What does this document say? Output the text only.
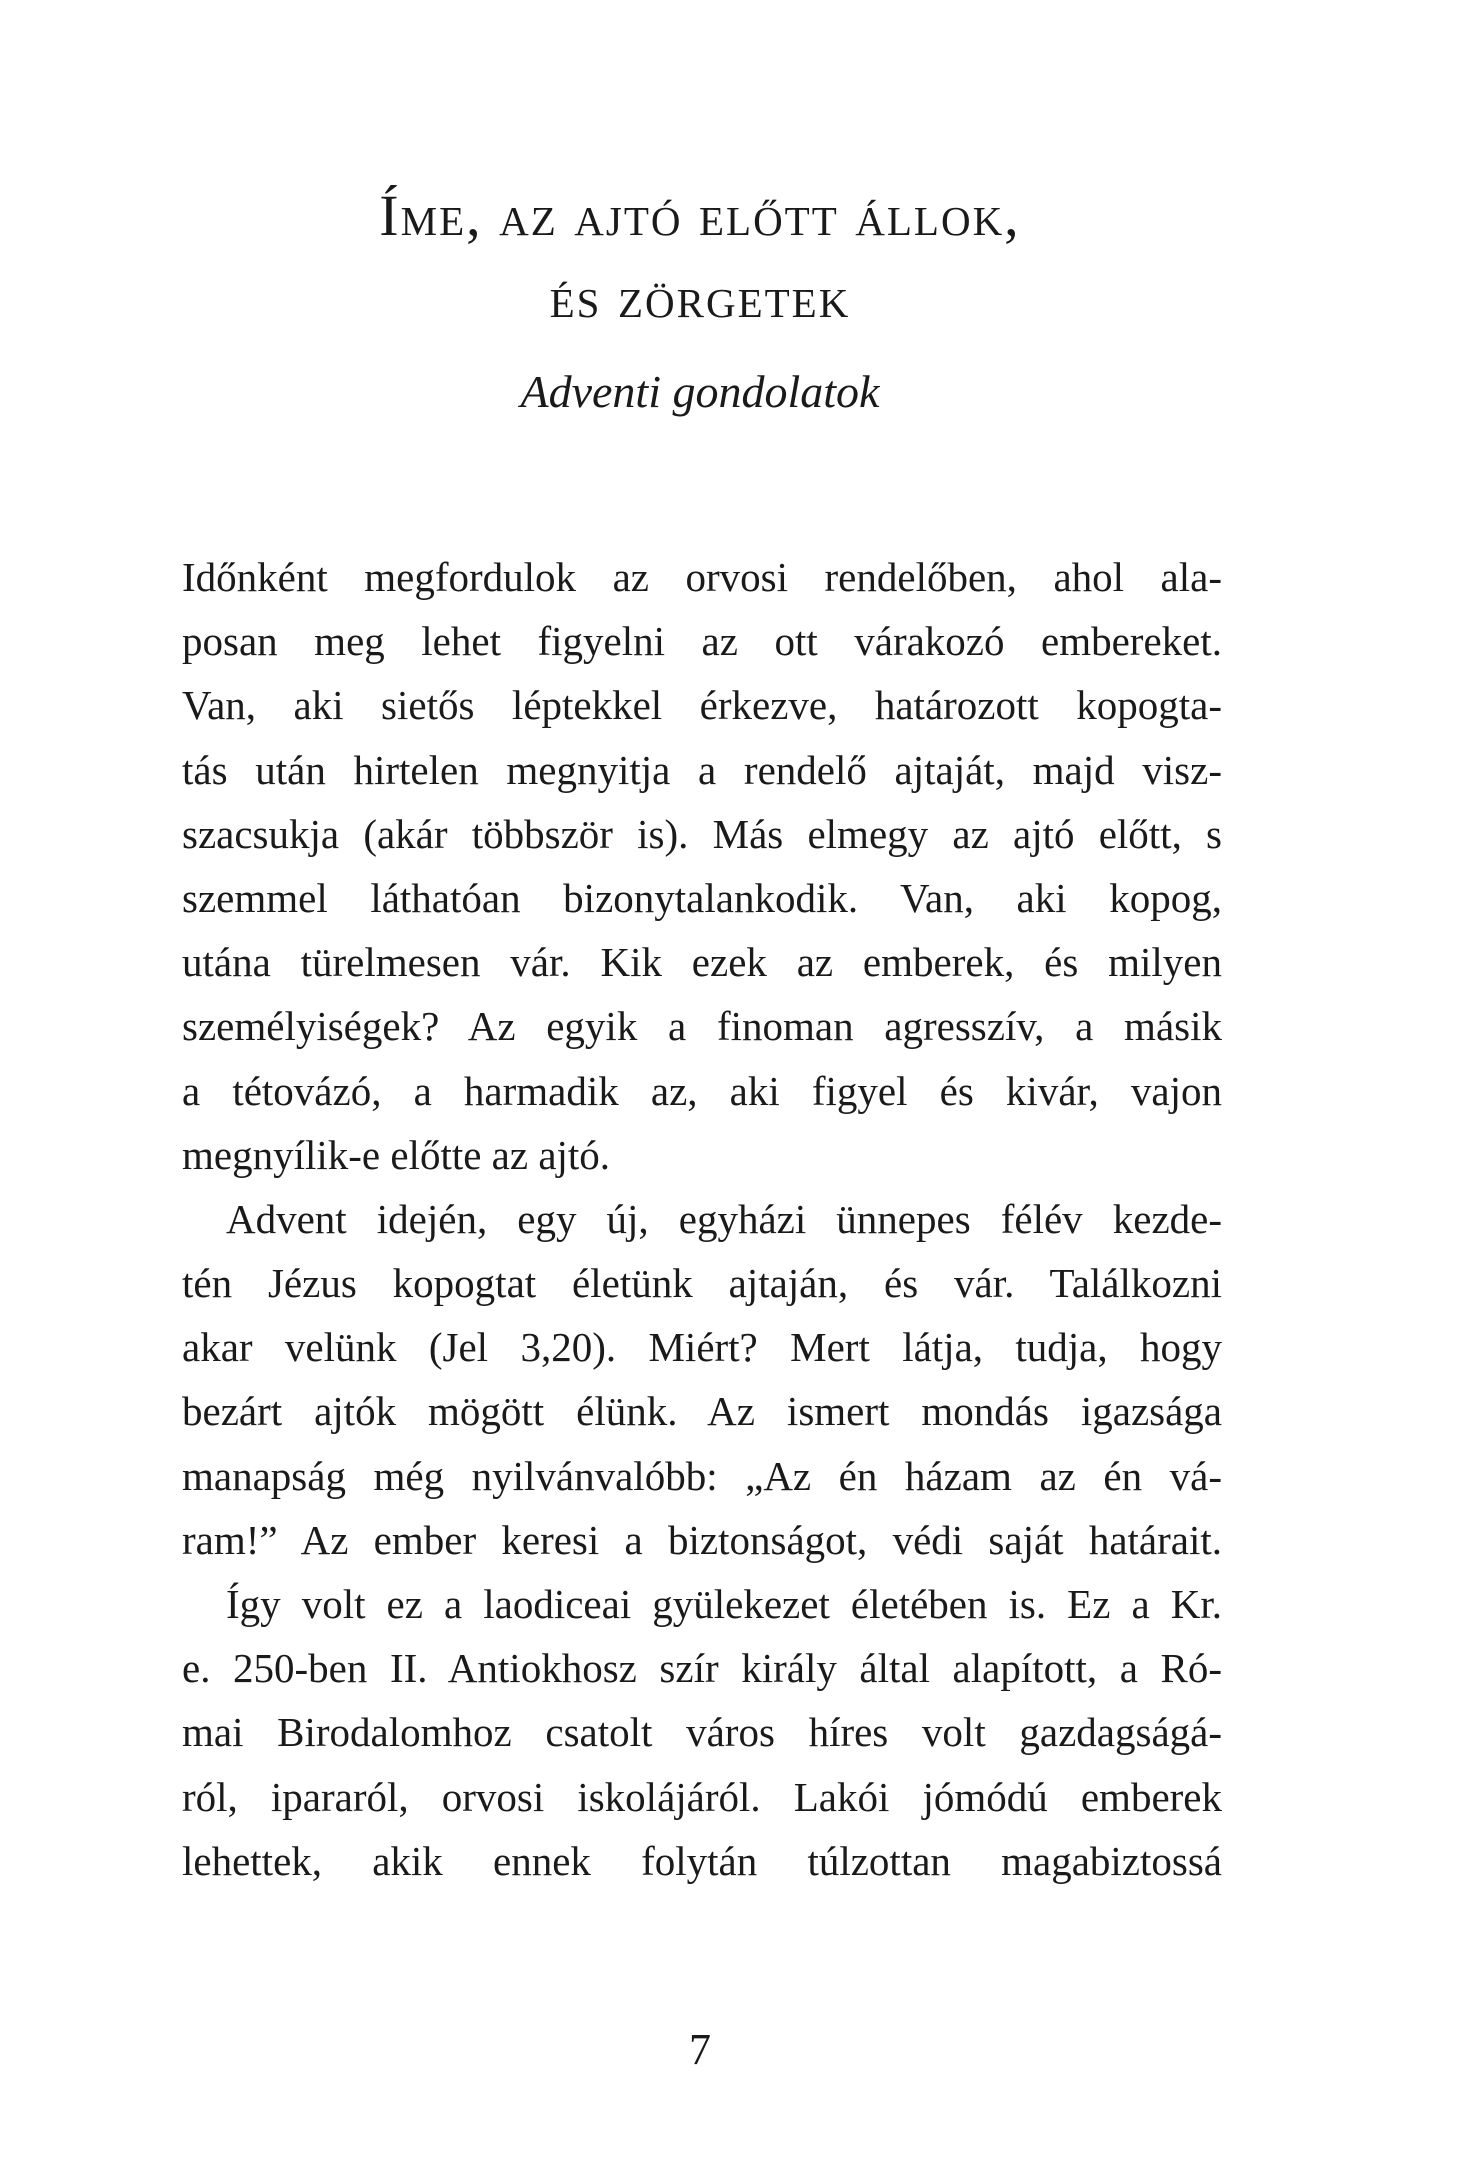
Íme, az ajtó előtt állok,
és zörgetek

Adventi gondolatok

Időnként megfordulok az orvosi rendelőben, ahol ala-
posan meg lehet figyelni az ott várakozó embereket.
Van, aki sietős léptekkel érkezve, határozott kopogta-
tás után hirtelen megnyitja a rendelő ajtaját, majd visz-
szacsukja (akár többször is). Más elmegy az ajtó előtt, s
szemmel láthatóan bizonytalankodik. Van, aki kopog,
utána türelmesen vár. Kik ezek az emberek, és milyen
személyiségek? Az egyik a finoman agresszív, a másik
a tétovázó, a harmadik az, aki figyel és kivár, vajon
megnyílik-e előtte az ajtó.
Advent idején, egy új, egyházi ünnepes félév kezde-
tén Jézus kopogtat életünk ajtaján, és vár. Találkozni
akar velünk (Jel 3,20). Miért? Mert látja, tudja, hogy
bezárt ajtók mögött élünk. Az ismert mondás igazsága
manapság még nyilvánvalóbb: „Az én házam az én vá-
ram!” Az ember keresi a biztonságot, védi saját határait.
Így volt ez a laodiceai gyülekezet életében is. Ez a Kr.
e. 250-ben II. Antiokhosz szír király által alapított, a Ró-
mai Birodalomhoz csatolt város híres volt gazdagságá-
ról, ipararól, orvosi iskolájáról. Lakói jómódú emberek
lehettek, akik ennek folytán túlzottan magabiztossá

7
